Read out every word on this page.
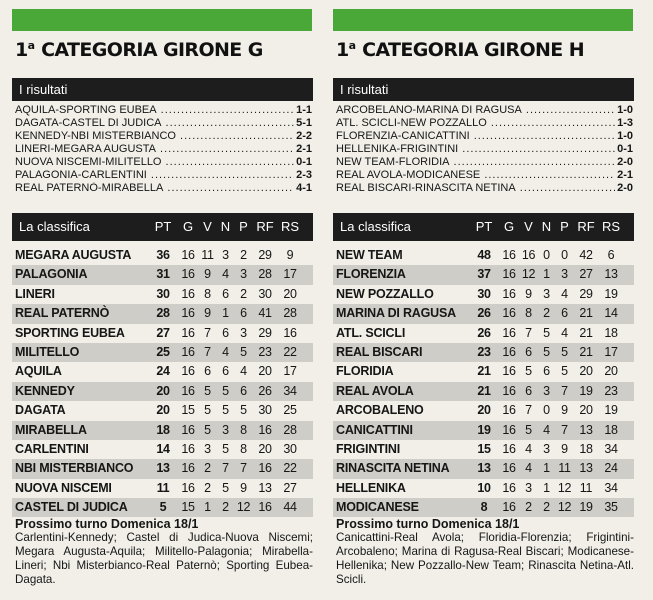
1$^a$ CATEGORIA GIRONE G
I risultati
AQUILA-SPORTING EUBEA .....	1-1
DAGATA-CASTEL DI JUDICA .....	5-1
KENNEDY-NBI MISTERBIANCO .....	2-2
LINERI-MEGARA AUGUSTA .....	2-1
NUOVA NISCEMI-MILITELLO .....	0-1
PALAGONIA-CARLENTINI .....	2-3
REAL PATERNÒ-MIRABELLA .....	4-1
La classifica	PT G V N P RF RS
MEGARA AUGUSTA	36 16 11 3 2 29	9
PALAGONIA	31 16 9 4 3 28 17
LINERI	30 16 8 6 2 30 20
REAL PATERNÒ	28 16 9 1 6 41 28
SPORTING EUBEA	27 16 7 6 3 29 16
MILITELLO	25 16 7 4 5 23 22
AQUILA	24 16 6 6 4 20 17
KENNEDY	20 16 5 5 6 26 34
DAGATA	20 15 5 5 5 30 25
MIRABELLA	18 16 5 3 8 16 28
CARLENTINI	14 16 3 5 8 20 30
NBI MISTERBIANCO	13 16 2 7 7 16 22
NUOVA NISCEMI	11 16 2 5 9 13 27
CASTEL DI JUDICA	5	15 1 2 12 16 44
Prossimo turno Domenica 18/1
Carlentini-Kennedy; Castel di Judica-Nuova Niscemi; Megara Augusta-Aquila; Militello-Palagonia; Mirabella-Lineri; Nbi Misterbianco-Real Paternò; Sporting Eubea-Dagata.
1$^a$ CATEGORIA GIRONE H
I risultati
ARCOBELANO-MARINA DI RAGUSA .....	1-0
ATL. SCICLI-NEW POZZALLO .....	1-3
FLORENZIA-CANICATTINI .....	1-0
HELLENIKA-FRIGINTINI .....	0-1
NEW TEAM-FLORIDIA .....	2-0
REAL AVOLA-MODICANESE .....	2-1
REAL BISCARI-RINASCITA NETINA .....	2-0
La classifica	PT G V N P RF RS
NEW TEAM	48 16 16 0 0 42	6
FLORENZIA	37 16 12 1 3 27 13
NEW POZZALLO	30 16 9 3 4 29 19
MARINA DI RAGUSA	26 16 8 2 6 21 14
ATL. SCICLI	26 16 7 5 4 21 18
REAL BISCARI	23 16 6 5 5 21 17
FLORIDIA	21 16 5 6 5 20 20
REAL AVOLA	21 16 6 3 7 19 23
ARCOBALENO	20 16 7 0 9 20 19
CANICATTINI	19 16 5 4 7 13 18
FRIGINTINI	15 16 4 3 9 18 34
RINASCITA NETINA	13 16 4 1 11 13 24
HELLENIKA	10 16 3 1 12 11 34
MODICANESE	8	16 2 2 12 19 35
Prossimo turno Domenica 18/1
Canicattini-Real Avola; Floridia-Florenzia; Frigintini-Arcobaleno; Marina di Ragusa-Real Biscari; Modicanese-Hellenika; New Pozzallo-New Team; Rinascita Netina-Atl. Scicli.
